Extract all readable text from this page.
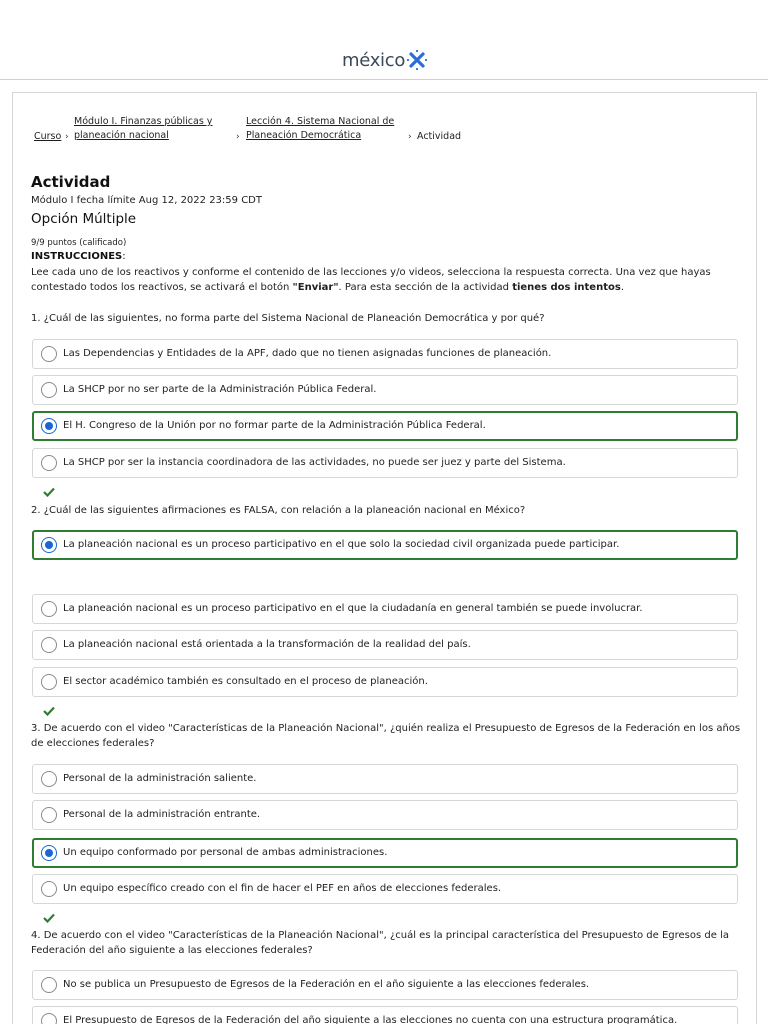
méxico
Curso ›
Módulo I. Finanzas públicas y
planeación nacional	›
Lección 4. Sistema Nacional de
Planeación Democrática	› Actividad
Actividad
Módulo I fecha límite Aug 12, 2022 23:59 CDT
Opción Múltiple
9/9 puntos (calificado)
INSTRUCCIONES:
Lee cada uno de los reactivos y conforme el contenido de las lecciones y/o videos, selecciona la respuesta correcta. Una vez que hayas contestado todos los reactivos, se activará el botón "Enviar". Para esta sección de la actividad tienes dos intentos.
1. ¿Cuál de las siguientes, no forma parte del Sistema Nacional de Planeación Democrática y por qué?
Las Dependencias y Entidades de la APF, dado que no tienen asignadas funciones de planeación.
La SHCP por no ser parte de la Administración Pública Federal.
El H. Congreso de la Unión por no formar parte de la Administración Pública Federal.
La SHCP por ser la instancia coordinadora de las actividades, no puede ser juez y parte del Sistema.
2. ¿Cuál de las siguientes afirmaciones es FALSA, con relación a la planeación nacional en México?
La planeación nacional es un proceso participativo en el que solo la sociedad civil organizada puede participar.
La planeación nacional es un proceso participativo en el que la ciudadanía en general también se puede involucrar.
La planeación nacional está orientada a la transformación de la realidad del país.
El sector académico también es consultado en el proceso de planeación.
3. De acuerdo con el video "Características de la Planeación Nacional", ¿quién realiza el Presupuesto de Egresos de la Federación en los años de elecciones federales?
Personal de la administración saliente.
Personal de la administración entrante.
Un equipo conformado por personal de ambas administraciones.
Un equipo específico creado con el fin de hacer el PEF en años de elecciones federales.
4. De acuerdo con el video "Características de la Planeación Nacional", ¿cuál es la principal característica del Presupuesto de Egresos de la Federación del año siguiente a las elecciones federales?
No se publica un Presupuesto de Egresos de la Federación en el año siguiente a las elecciones federales.
El Presupuesto de Egresos de la Federación del año siguiente a las elecciones no cuenta con una estructura programática.
